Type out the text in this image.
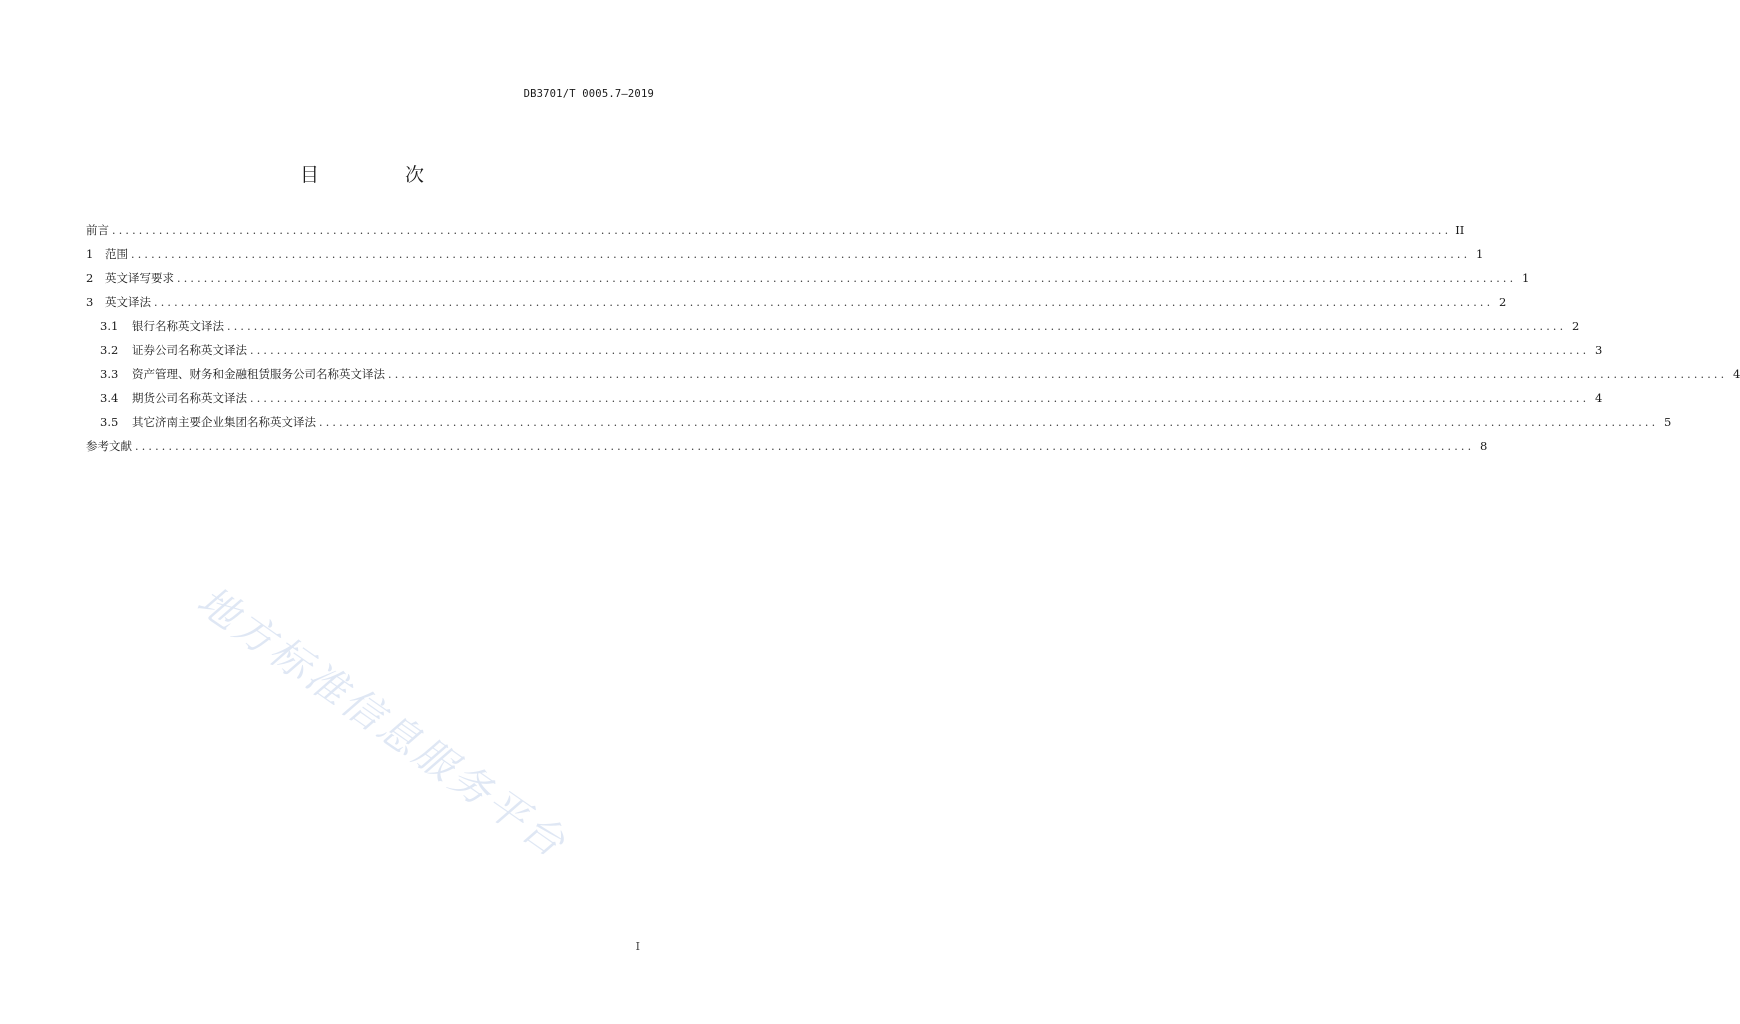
DB3701/T 0005.7—2019
目 次
前言 ........................................................................................................................................................................................................ II
1	范围 ........................................................................................................................................................................................................ 1
2	英文译写要求 ........................................................................................................................................................................................................ 1
3	英文译法 ........................................................................................................................................................................................................ 2
3.1	银行名称英文译法 ........................................................................................................................................................................................................ 2
3.2	证券公司名称英文译法 ........................................................................................................................................................................................................ 3
3.3	资产管理、财务和金融租赁服务公司名称英文译法 ........................................................................................................................................................................................................ 4
3.4	期货公司名称英文译法 ........................................................................................................................................................................................................ 4
3.5	其它济南主要企业集团名称英文译法 ........................................................................................................................................................................................................ 5
参考文献 ........................................................................................................................................................................................................ 8
地方标准信息服务平台
I
